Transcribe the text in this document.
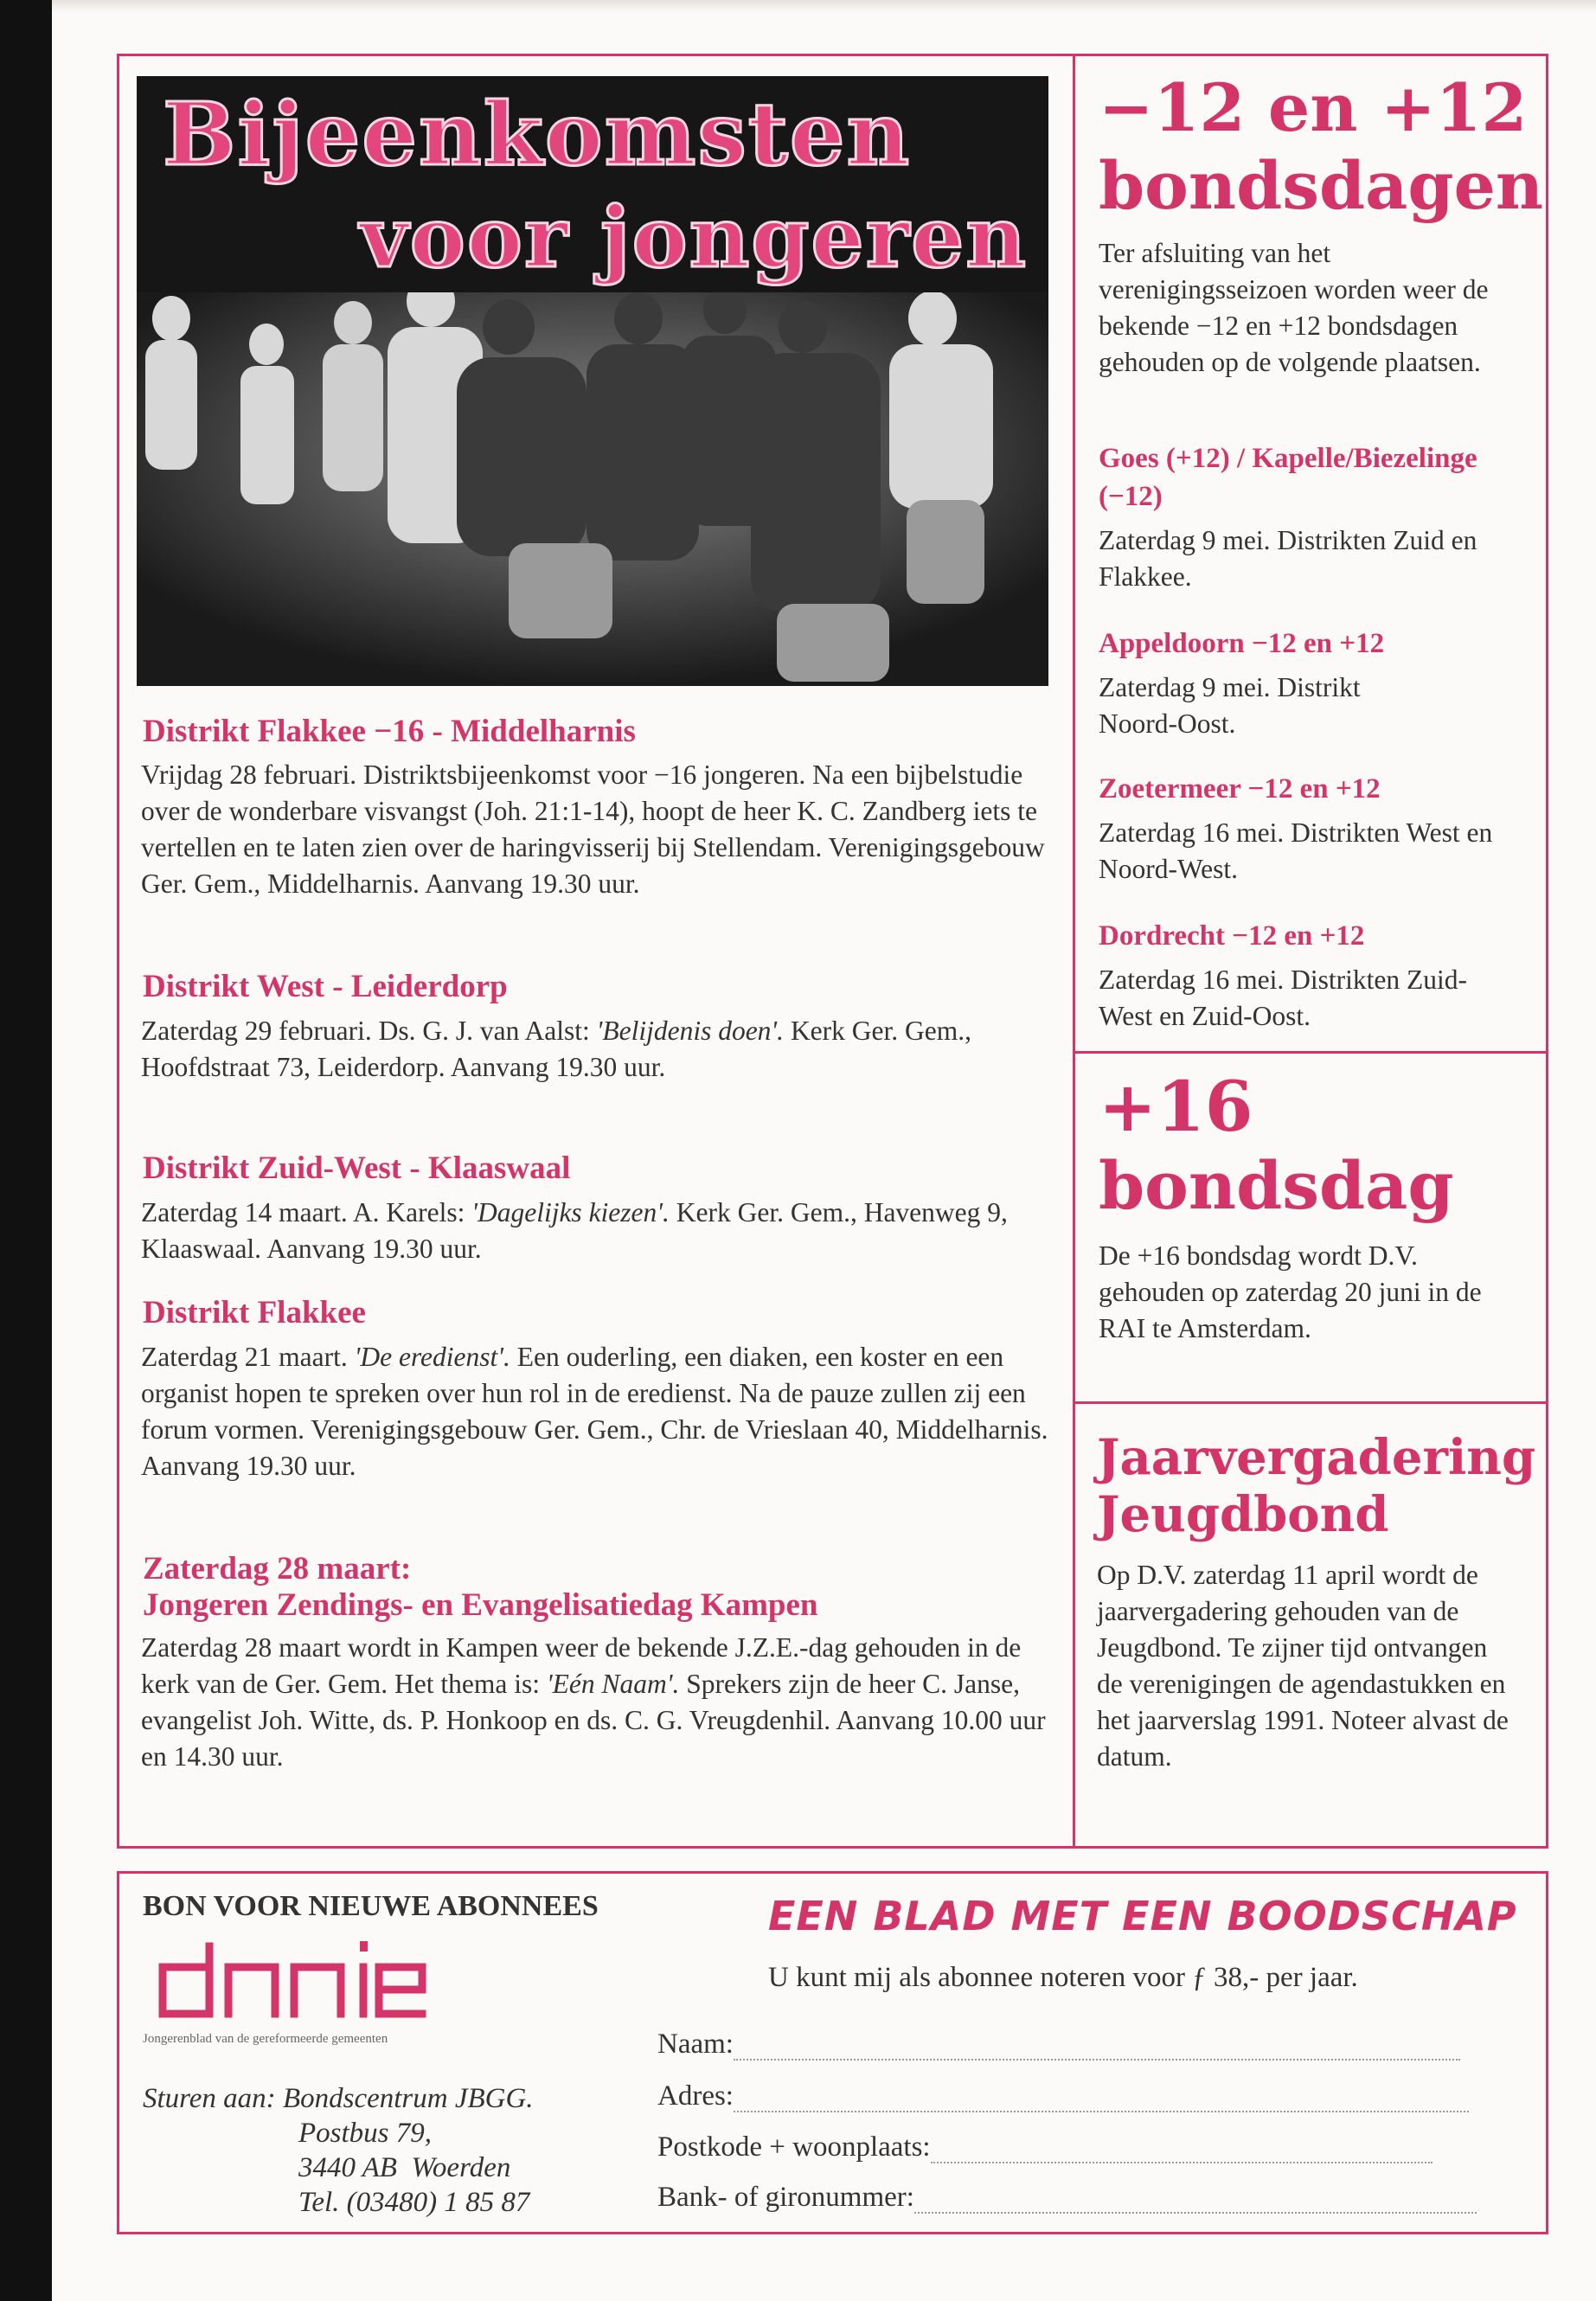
Bijeenkomsten

voor jongeren

Distrikt Flakkee −16 - Middelharnis

Vrijdag 28 februari. Distriktsbijeenkomst voor −16 jongeren. Na een bijbelstudie over de wonderbare visvangst (Joh. 21:1-14), hoopt de heer K. C. Zandberg iets te vertellen en te laten zien over de haringvisserij bij Stellendam. Verenigingsgebouw Ger. Gem., Middelharnis. Aanvang 19.30 uur.

Distrikt West - Leiderdorp

Zaterdag 29 februari. Ds. G. J. van Aalst: 'Belijdenis doen'. Kerk Ger. Gem., Hoofdstraat 73, Leiderdorp. Aanvang 19.30 uur.

Distrikt Zuid-West - Klaaswaal

Zaterdag 14 maart. A. Karels: 'Dagelijks kiezen'. Kerk Ger. Gem., Havenweg 9, Klaaswaal. Aanvang 19.30 uur.

Distrikt Flakkee

Zaterdag 21 maart. 'De eredienst'. Een ouderling, een diaken, een koster en een organist hopen te spreken over hun rol in de eredienst. Na de pauze zullen zij een forum vormen. Verenigingsgebouw Ger. Gem., Chr. de Vrieslaan 40, Middelharnis. Aanvang 19.30 uur.

Zaterdag 28 maart:
Jongeren Zendings- en Evangelisatiedag Kampen

Zaterdag 28 maart wordt in Kampen weer de bekende J.Z.E.-dag gehouden in de kerk van de Ger. Gem. Het thema is: 'Eén Naam'. Sprekers zijn de heer C. Janse, evangelist Joh. Witte, ds. P. Honkoop en ds. C. G. Vreugdenhil. Aanvang 10.00 uur en 14.30 uur.

−12 en +12

bondsdagen

Ter afsluiting van het verenigingsseizoen worden weer de bekende −12 en +12 bondsdagen gehouden op de volgende plaatsen.

Goes (+12) / Kapelle/Biezelinge (−12)

Zaterdag 9 mei. Distrikten Zuid en Flakkee.

Appeldoorn −12 en +12

Zaterdag 9 mei. Distrikt Noord-Oost.

Zoetermeer −12 en +12

Zaterdag 16 mei. Distrikten West en Noord-West.

Dordrecht −12 en +12

Zaterdag 16 mei. Distrikten Zuid-West en Zuid-Oost.

+16

bondsdag

De +16 bondsdag wordt D.V. gehouden op zaterdag 20 juni in de RAI te Amsterdam.

Jaarvergadering

Jeugdbond

Op D.V. zaterdag 11 april wordt de jaarvergadering gehouden van de Jeugdbond. Te zijner tijd ontvangen de verenigingen de agendastukken en het jaarverslag 1991. Noteer alvast de datum.

BON VOOR NIEUWE ABONNEES

Jongerenblad van de gereformeerde gemeenten

Sturen aan: Bondscentrum JBGG.

Postbus 79,

3440 AB  Woerden

Tel. (03480) 1 85 87

EEN BLAD MET EEN BOODSCHAP

U kunt mij als abonnee noteren voor ƒ 38,- per jaar.

Naam:
Adres:
Postkode + woonplaats:
Bank- of gironummer:
